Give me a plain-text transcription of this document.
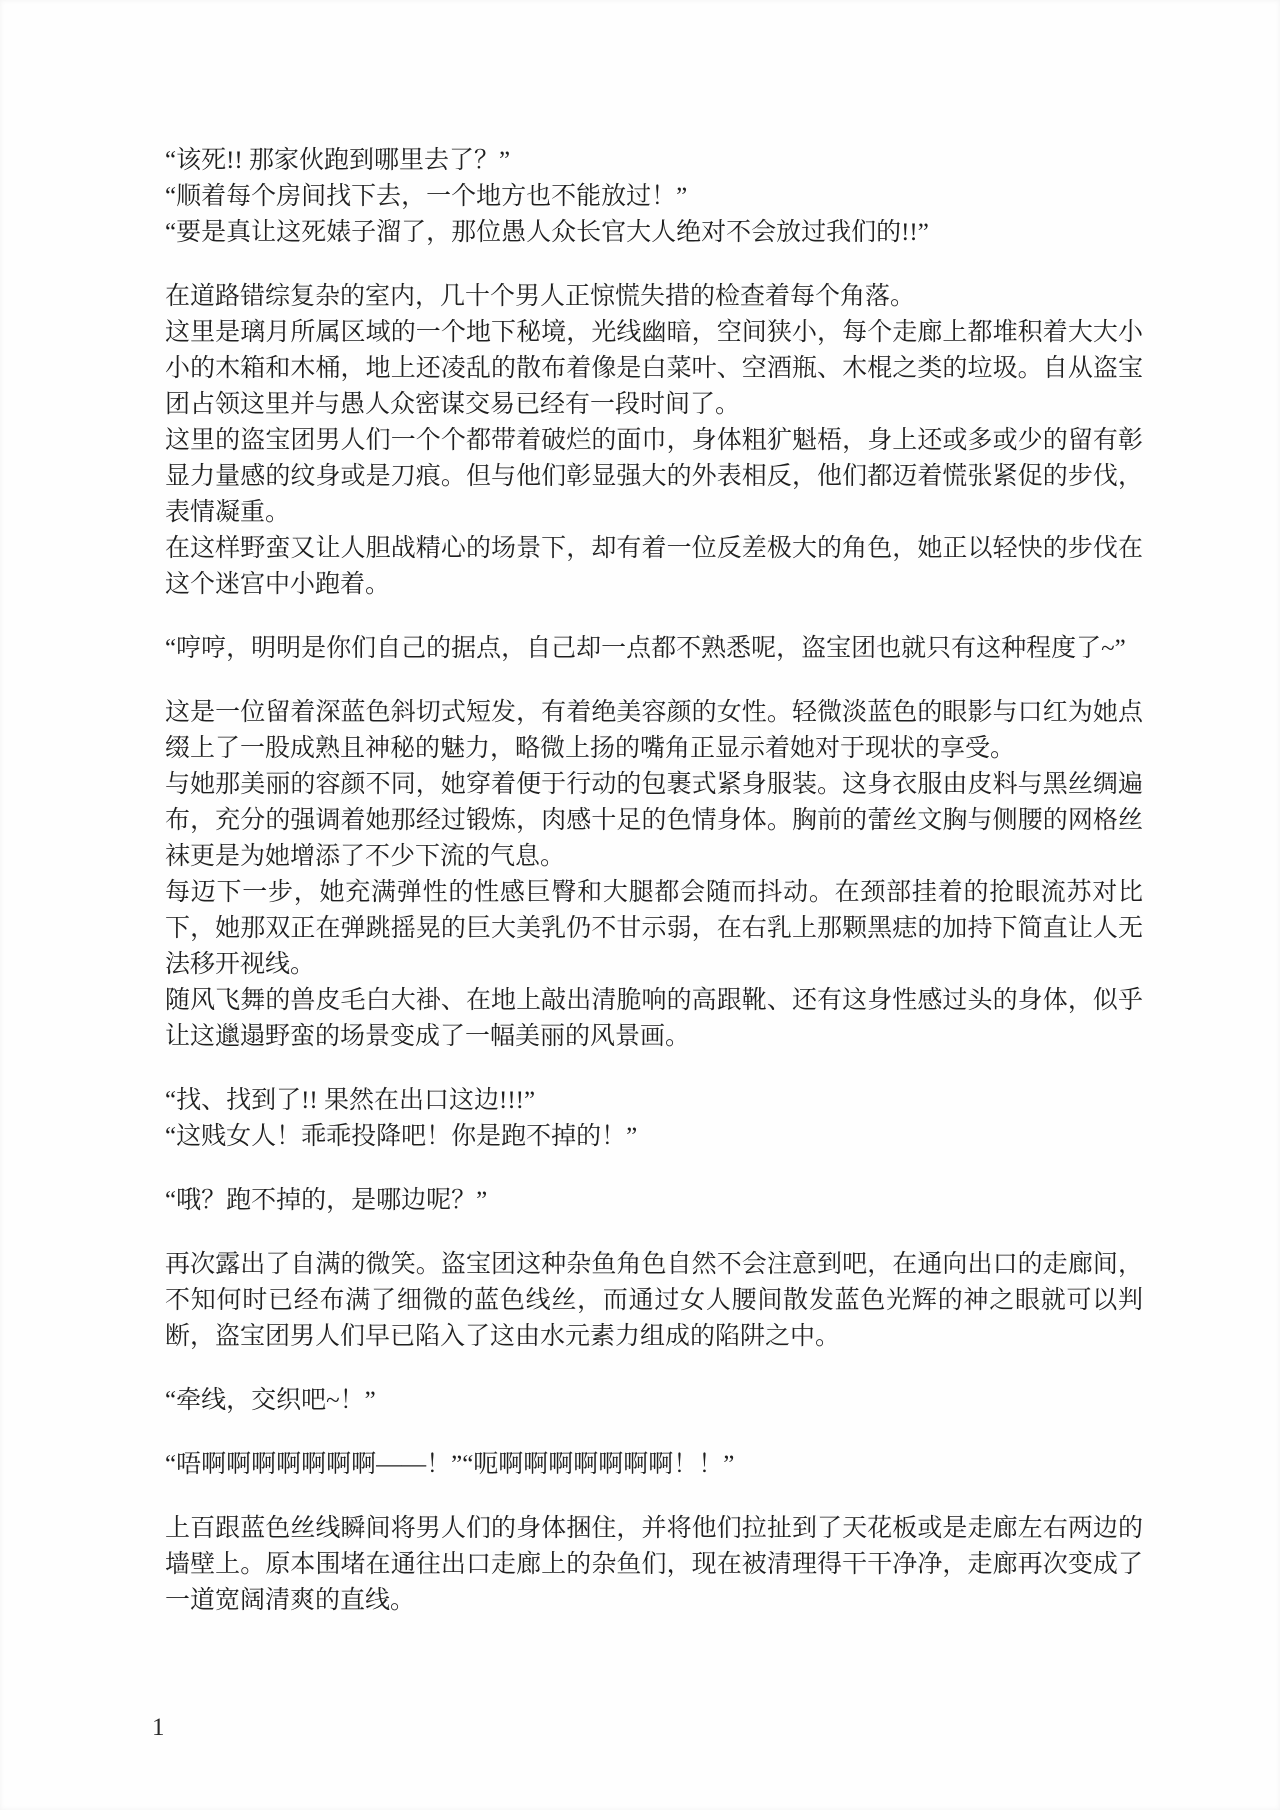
“该死!! 那家伙跑到哪里去了？”

“顺着每个房间找下去，一个地方也不能放过！”

“要是真让这死婊子溜了，那位愚人众长官大人绝对不会放过我们的!!”

在道路错综复杂的室内，几十个男人正惊慌失措的检查着每个角落。

这里是璃月所属区域的一个地下秘境，光线幽暗，空间狭小，每个走廊上都堆积着大大小小的木箱和木桶，地上还凌乱的散布着像是白菜叶、空酒瓶、木棍之类的垃圾。自从盗宝团占领这里并与愚人众密谋交易已经有一段时间了。

这里的盗宝团男人们一个个都带着破烂的面巾，身体粗犷魁梧，身上还或多或少的留有彰显力量感的纹身或是刀痕。但与他们彰显强大的外表相反，他们都迈着慌张紧促的步伐，表情凝重。

在这样野蛮又让人胆战精心的场景下，却有着一位反差极大的角色，她正以轻快的步伐在这个迷宫中小跑着。

“哼哼，明明是你们自己的据点，自己却一点都不熟悉呢，盗宝团也就只有这种程度了~”

这是一位留着深蓝色斜切式短发，有着绝美容颜的女性。轻微淡蓝色的眼影与口红为她点缀上了一股成熟且神秘的魅力，略微上扬的嘴角正显示着她对于现状的享受。

与她那美丽的容颜不同，她穿着便于行动的包裹式紧身服装。这身衣服由皮料与黑丝绸遍布，充分的强调着她那经过锻炼，肉感十足的色情身体。胸前的蕾丝文胸与侧腰的网格丝袜更是为她增添了不少下流的气息。

每迈下一步，她充满弹性的性感巨臀和大腿都会随而抖动。在颈部挂着的抢眼流苏对比下，她那双正在弹跳摇晃的巨大美乳仍不甘示弱，在右乳上那颗黑痣的加持下简直让人无法移开视线。

随风飞舞的兽皮毛白大褂、在地上敲出清脆响的高跟靴、还有这身性感过头的身体，似乎让这邋遢野蛮的场景变成了一幅美丽的风景画。

“找、找到了!! 果然在出口这边!!!”

“这贱女人！乖乖投降吧！你是跑不掉的！”

“哦？跑不掉的，是哪边呢？”

再次露出了自满的微笑。盗宝团这种杂鱼角色自然不会注意到吧，在通向出口的走廊间，不知何时已经布满了细微的蓝色线丝，而通过女人腰间散发蓝色光辉的神之眼就可以判断，盗宝团男人们早已陷入了这由水元素力组成的陷阱之中。

“牵线，交织吧~！”

“唔啊啊啊啊啊啊啊——！”“呃啊啊啊啊啊啊啊！！”

上百跟蓝色丝线瞬间将男人们的身体捆住，并将他们拉扯到了天花板或是走廊左右两边的墙壁上。原本围堵在通往出口走廊上的杂鱼们，现在被清理得干干净净，走廊再次变成了一道宽阔清爽的直线。

1
